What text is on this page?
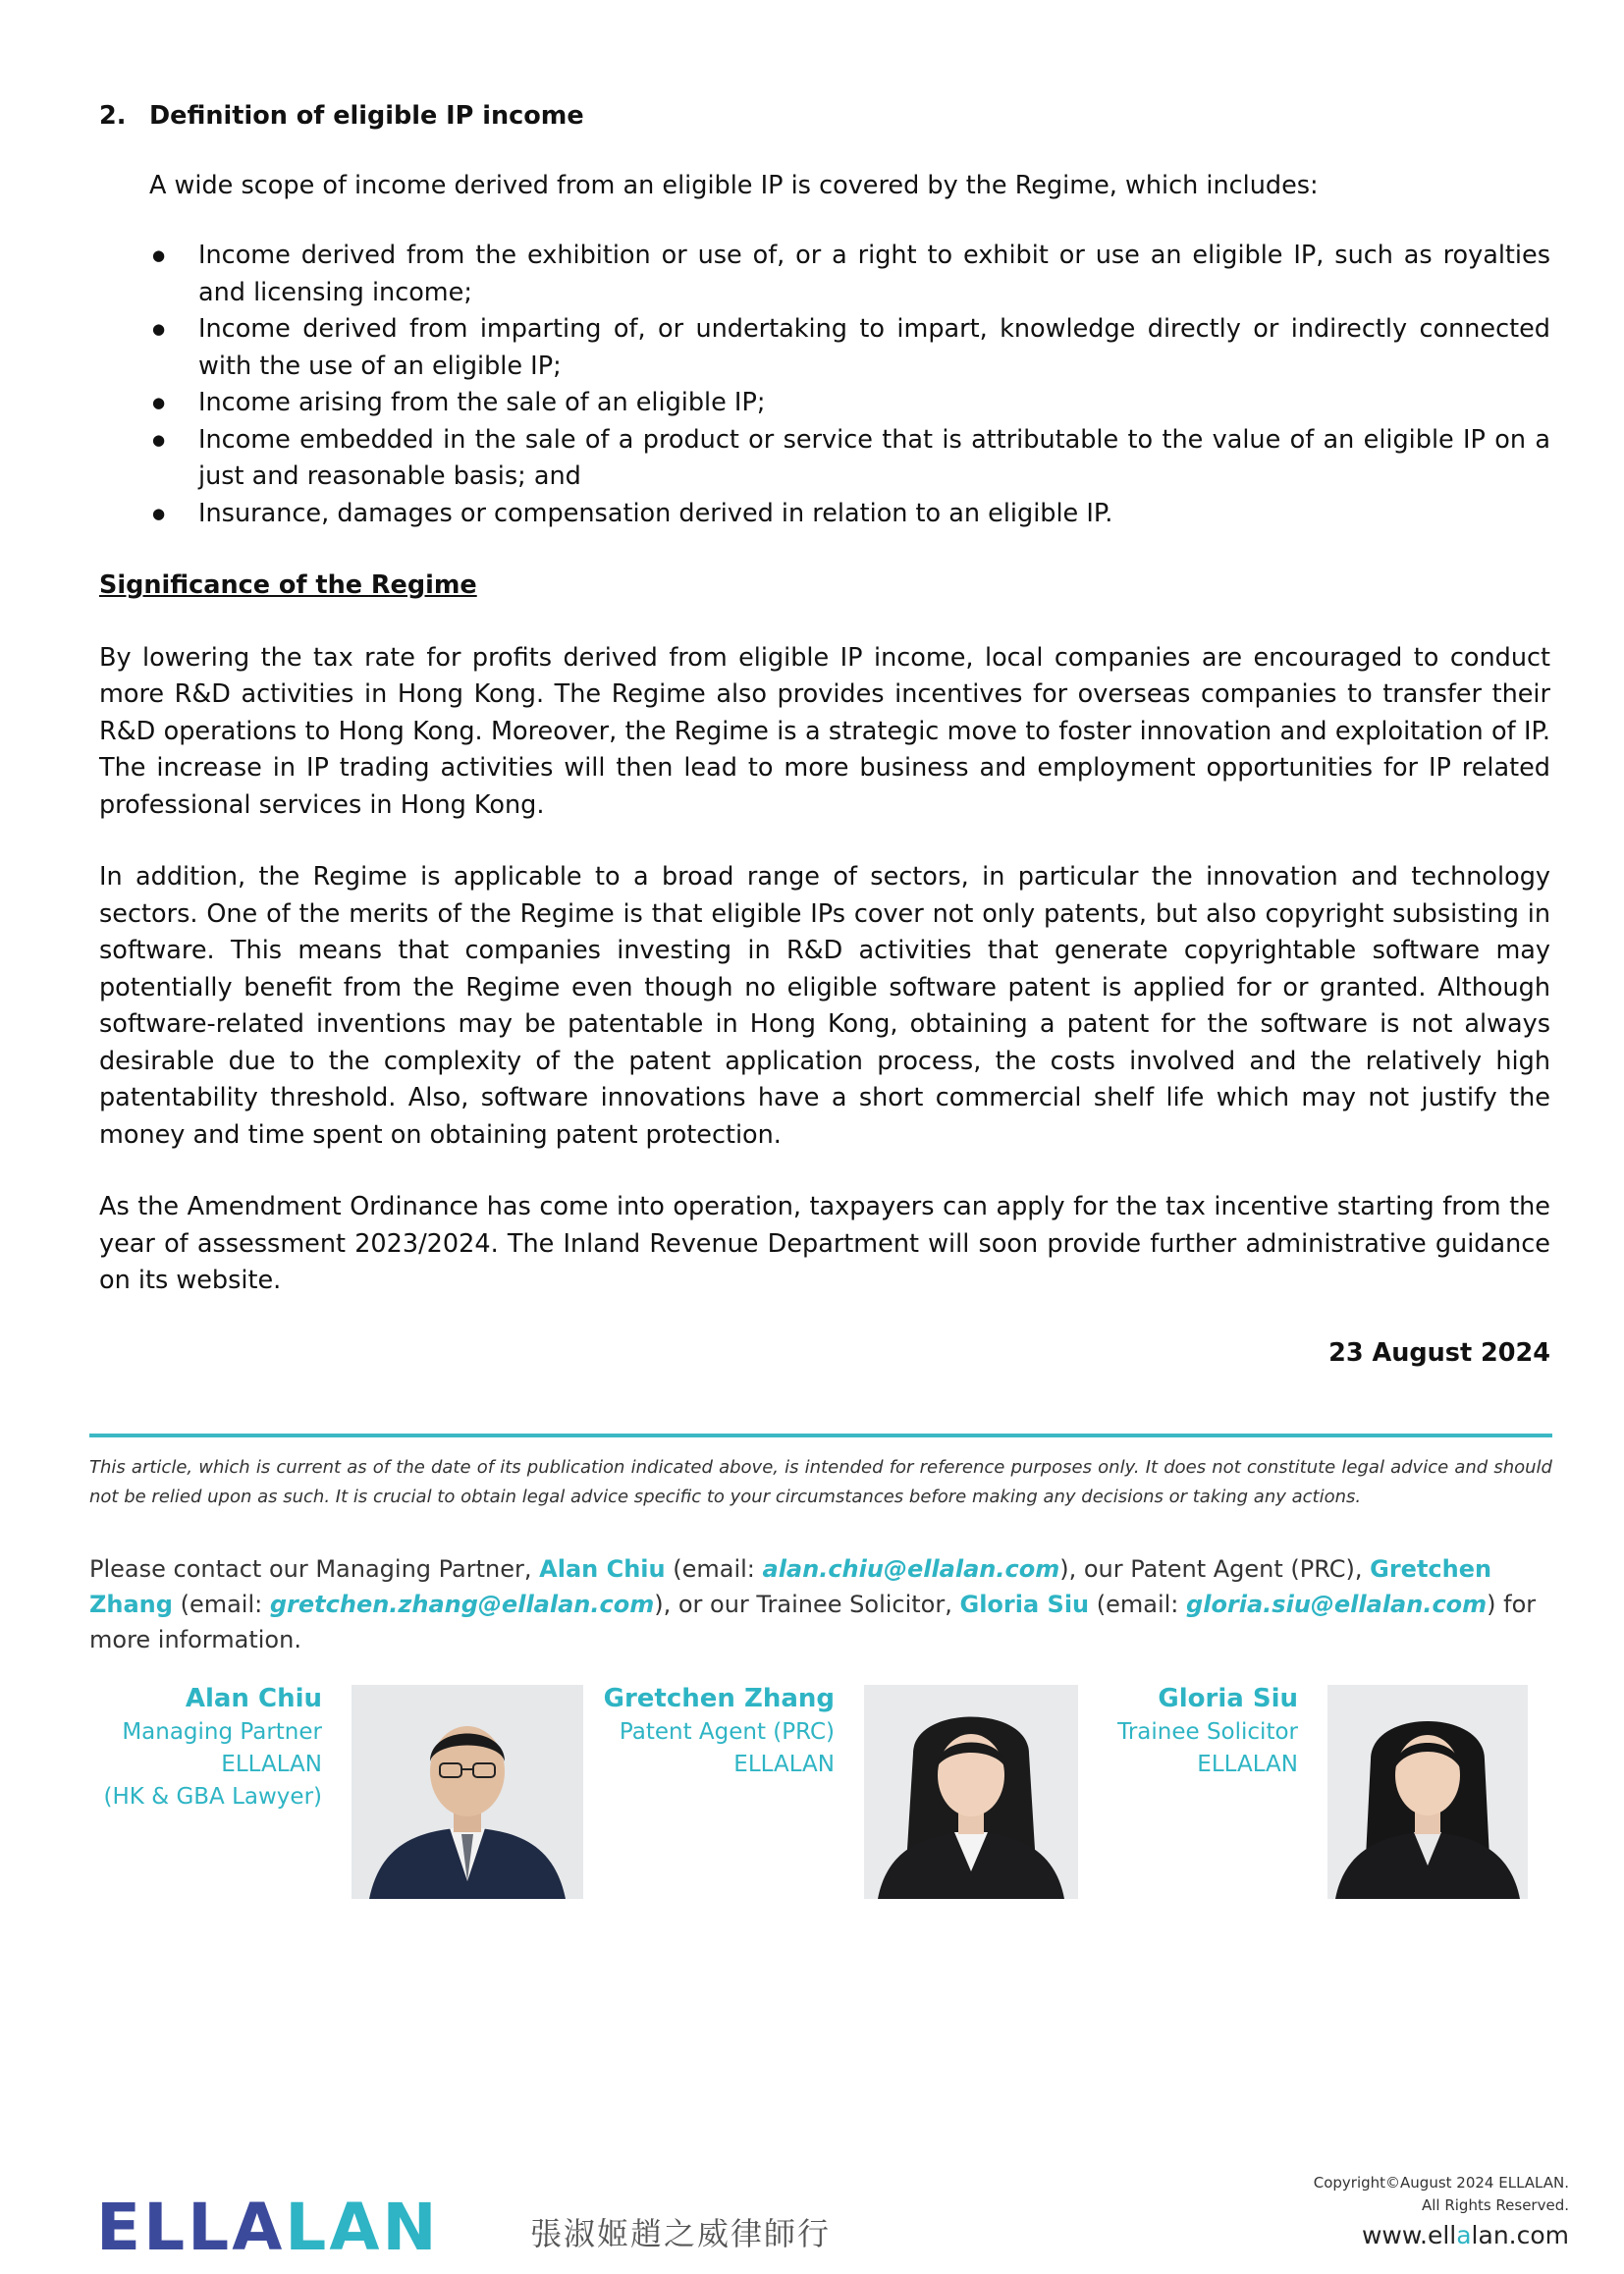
2. Definition of eligible IP income

A wide scope of income derived from an eligible IP is covered by the Regime, which includes:

● Income derived from the exhibition or use of, or a right to exhibit or use an eligible IP, such as royalties and licensing income;
● Income derived from imparting of, or undertaking to impart, knowledge directly or indirectly connected with the use of an eligible IP;
● Income arising from the sale of an eligible IP;
● Income embedded in the sale of a product or service that is attributable to the value of an eligible IP on a just and reasonable basis; and
● Insurance, damages or compensation derived in relation to an eligible IP.

Significance of the Regime

By lowering the tax rate for profits derived from eligible IP income, local companies are encouraged to conduct more R&D activities in Hong Kong. The Regime also provides incentives for overseas companies to transfer their R&D operations to Hong Kong. Moreover, the Regime is a strategic move to foster innovation and exploitation of IP. The increase in IP trading activities will then lead to more business and employment opportunities for IP related professional services in Hong Kong.

In addition, the Regime is applicable to a broad range of sectors, in particular the innovation and technology sectors. One of the merits of the Regime is that eligible IPs cover not only patents, but also copyright subsisting in software. This means that companies investing in R&D activities that generate copyrightable software may potentially benefit from the Regime even though no eligible software patent is applied for or granted. Although software-related inventions may be patentable in Hong Kong, obtaining a patent for the software is not always desirable due to the complexity of the patent application process, the costs involved and the relatively high patentability threshold. Also, software innovations have a short commercial shelf life which may not justify the money and time spent on obtaining patent protection.

As the Amendment Ordinance has come into operation, taxpayers can apply for the tax incentive starting from the year of assessment 2023/2024. The Inland Revenue Department will soon provide further administrative guidance on its website.

23 August 2024
This article, which is current as of the date of its publication indicated above, is intended for reference purposes only. It does not constitute legal advice and should not be relied upon as such. It is crucial to obtain legal advice specific to your circumstances before making any decisions or taking any actions.
Please contact our Managing Partner, Alan Chiu (email: alan.chiu@ellalan.com), our Patent Agent (PRC), Gretchen Zhang (email: gretchen.zhang@ellalan.com), or our Trainee Solicitor, Gloria Siu (email: gloria.siu@ellalan.com) for more information.
Alan Chiu
Managing Partner
ELLALAN
(HK & GBA Lawyer)
Gretchen Zhang
Patent Agent (PRC)
ELLALAN
Gloria Siu
Trainee Solicitor
ELLALAN
ELLALAN	張淑姬趙之威律師行
Copyright©August 2024 ELLALAN.
All Rights Reserved.
www.ellalan.com
